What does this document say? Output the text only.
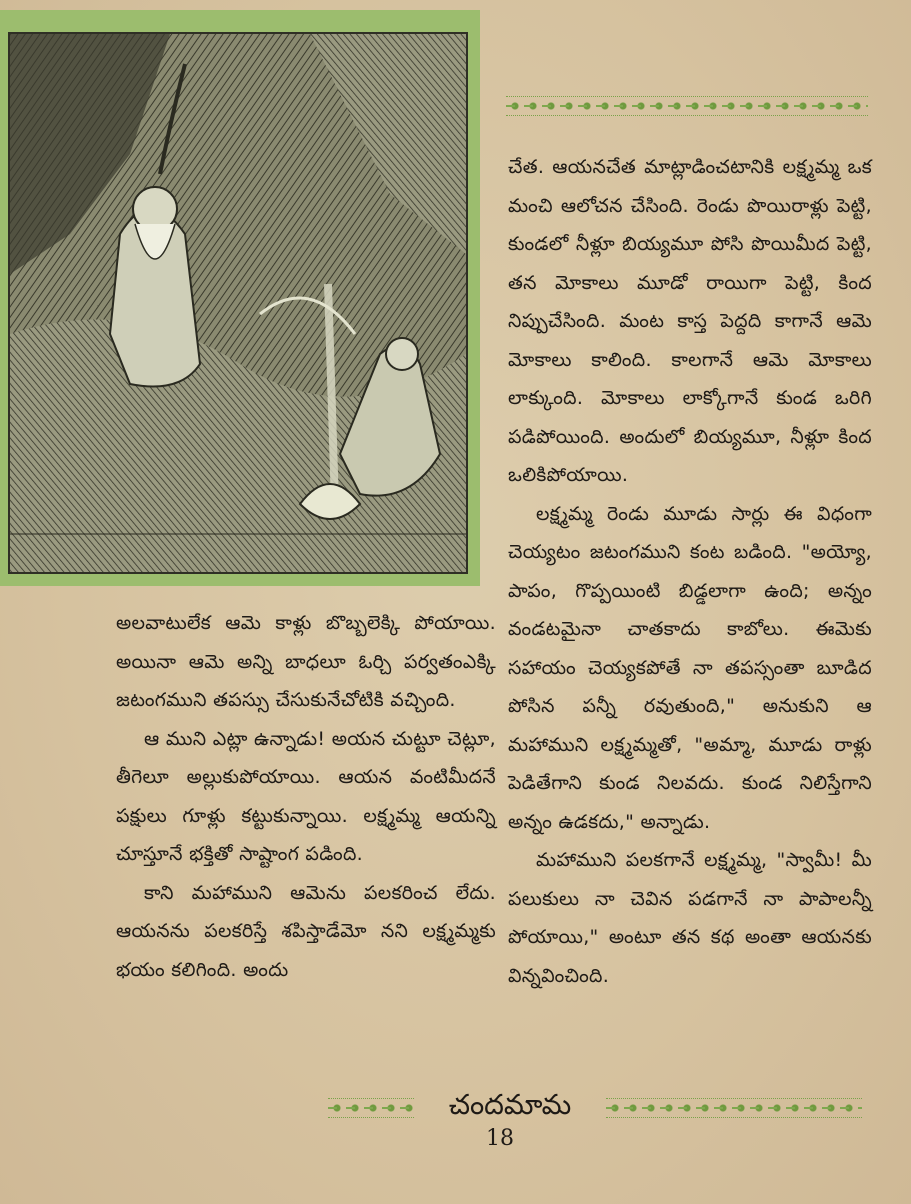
చేత. ఆయనచేత మాట్లాడించటానికి లక్ష్మమ్మ ఒక మంచి ఆలోచన చేసింది. రెండు పొయిరాళ్లు పెట్టి, కుండలో నీళ్లూ బియ్యమూ పోసి పొయిమీద పెట్టి, తన మోకాలు మూడో రాయిగా పెట్టి, కింద నిప్పుచేసింది. మంట కాస్త పెద్దది కాగానే ఆమె మోకాలు కాలింది. కాలగానే ఆమె మోకాలు లాక్కుంది. మోకాలు లాక్కోగానే కుండ ఒరిగి పడిపోయింది. అందులో బియ్యమూ, నీళ్లూ కింద ఒలికిపోయాయి.

లక్ష్మమ్మ రెండు మూడు సార్లు ఈ విధంగా చెయ్యటం జటంగముని కంట బడింది. "అయ్యో, పాపం, గొప్పయింటి బిడ్డలాగా ఉంది; అన్నం వండటమైనా చాతకాదు కాబోలు. ఈమెకు సహాయం చెయ్యకపోతే నా తపస్సంతా బూడిద పోసిన పన్నీ రవుతుంది," అనుకుని ఆ మహాముని లక్ష్మమ్మతో, "అమ్మా, మూడు రాళ్లు పెడితేగాని కుండ నిలవదు. కుండ నిలిస్తేగాని అన్నం ఉడకదు," అన్నాడు.

మహాముని పలకగానే లక్ష్మమ్మ, "స్వామీ! మీ పలుకులు నా చెవిన పడగానే నా పాపాలన్నీ పోయాయి," అంటూ తన కథ అంతా ఆయనకు విన్నవించింది.

అలవాటులేక ఆమె కాళ్లు బొబ్బలెక్కి పోయాయి. అయినా ఆమె అన్ని బాధలూ ఓర్చి పర్వతంఎక్కి జటంగముని తపస్సు చేసుకునేచోటికి వచ్చింది.

ఆ ముని ఎట్లా ఉన్నాడు! అయన చుట్టూ చెట్లూ, తీగెలూ అల్లుకుపోయాయి. ఆయన వంటిమీదనే పక్షులు గూళ్లు కట్టుకున్నాయి. లక్ష్మమ్మ ఆయన్ని చూస్తూనే భక్తితో సాష్టాంగ పడింది.

కాని మహాముని ఆమెను పలకరించ లేదు. ఆయనను పలకరిస్తే శపిస్తాడేమో నని లక్ష్మమ్మకు భయం కలిగింది. అందు

చందమామ
18
